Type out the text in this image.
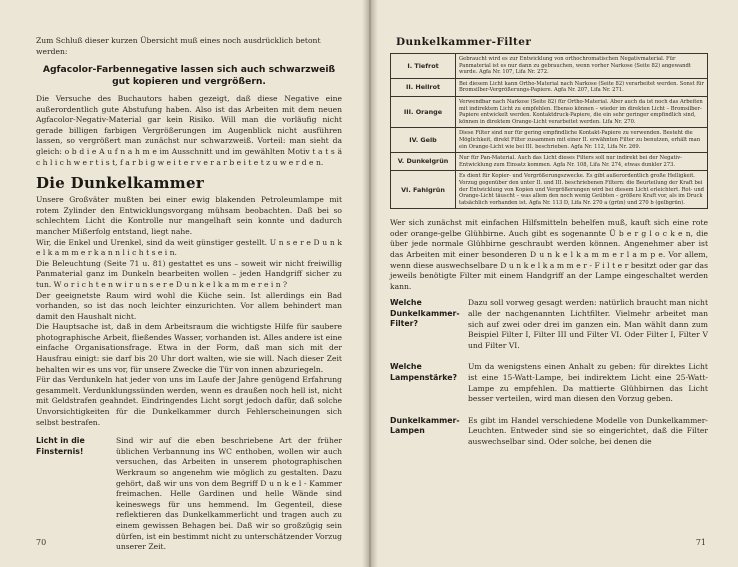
Zum Schluß dieser kurzen Übersicht muß eines noch ausdrücklich betont werden:

Agfacolor-Farbennegative lassen sich auch schwarzweiß gut kopieren und vergrößern.

Die Versuche des Buchautors haben gezeigt, daß diese Negative eine außerordentlich gute Abstufung haben. Also ist das Arbeiten mit dem neuen Agfacolor-Negativ-Material gar kein Risiko. Will man die vorläufig nicht gerade billigen farbigen Vergrößerungen im Augenblick nicht ausführen lassen, so vergrößert man zunächst nur schwarzweiß. Vorteil: man sieht da gleich: o b d i e A u f n a h m e im Ausschnitt und im gewählten Motiv t a t s ä c h l i c h w e r t i s t, f a r b i g w e i t e r v e r a r b e i t e t z u w e r d e n.

Die Dunkelkammer

Unsere Großväter mußten bei einer ewig blakenden Petroleumlampe mit rotem Zylinder den Entwicklungsvorgang mühsam beobachten. Daß bei so schlechtem Licht die Kontrolle nur mangelhaft sein konnte und dadurch mancher Mißerfolg entstand, liegt nahe.

Wir, die Enkel und Urenkel, sind da weit günstiger gestellt. U n s e r e D u n k e l k a m m e r k a n n l i c h t s e i n.

Die Beleuchtung (Seite 71 u. 81) gestattet es uns – soweit wir nicht freiwillig Panmaterial ganz im Dunkeln bearbeiten wollen – jeden Handgriff sicher zu tun. W o r i c h t e n w i r u n s e r e D u n k e l k a m m e r e i n ?

Der geeignetste Raum wird wohl die Küche sein. Ist allerdings ein Bad vorhanden, so ist das noch leichter einzurichten. Vor allem behindert man damit den Haushalt nicht.

Die Hauptsache ist, daß in dem Arbeitsraum die wichtigste Hilfe für saubere photographische Arbeit, fließendes Wasser, vorhanden ist. Alles andere ist eine einfache Organisationsfrage. Etwa in der Form, daß man sich mit der Hausfrau einigt: sie darf bis 20 Uhr dort walten, wie sie will. Nach dieser Zeit behalten wir es uns vor, für unsere Zwecke die Tür von innen abzuriegeln.

Für das Verdunkeln hat jeder von uns im Laufe der Jahre genügend Erfahrung gesammelt. Verdunklungssünden werden, wenn es draußen noch hell ist, nicht mit Geldstrafen geahndet. Eindringendes Licht sorgt jedoch dafür, daß solche Unvorsichtigkeiten für die Dunkelkammer durch Fehlerscheinungen sich selbst bestrafen.

Licht in die Finsternis!

Sind wir auf die eben beschriebene Art der früher üblichen Verbannung ins WC enthoben, wollen wir auch versuchen, das Arbeiten in unserem photographischen Werkraum so angenehm wie möglich zu gestalten. Dazu gehört, daß wir uns von dem Begriff D u n k e l - Kammer freimachen. Helle Gardinen und helle Wände sind keineswegs für uns hemmend. Im Gegenteil, diese reflektieren das Dunkelkammerlicht und tragen auch zu einem gewissen Behagen bei. Daß wir so großzügig sein dürfen, ist ein bestimmt nicht zu unterschätzender Vorzug unserer Zeit.

70
Dunkelkammer-Filter
I. Tiefrot	Gebraucht wird es zur Entwicklung von orthochromatischen Negativmaterial. Für Panmaterial ist es nur dann zu gebrauchen, wenn vorher Narkose (Seite 82) angewandt wurde. Agfa Nr. 107, Lifa Nr. 272.
II. Hellrot	Bei diesem Licht kann Ortho-Material nach Narkose (Seite 82) verarbeitet werden. Sonst für Bromsilber-Vergrößerungs-Papiere. Agfa Nr. 207, Lifa Nr. 271.
III. Orange	Verwendbar nach Narkose (Seite 82) für Ortho-Material. Aber auch da ist noch das Arbeiten mit indirektem Licht zu empfehlen. Ebenso können – wieder im direkten Licht – Bromsilber-Papiere entwickelt werden. Kontaktdruck-Papiere, die ein sehr geringer empfindlich sind, können in direktem Orange-Licht verarbeitet werden. Lifa Nr. 270.
IV. Gelb	Diese Filter sind nur für gering empfindliche Kontakt-Papiere zu verwenden. Besteht die Möglichkeit, direkt Filter zusammen mit einer II. erwähnten Filter zu benutzen, erhält man ein Orange-Licht wie bei III. beschrieben. Agfa Nr. 112, Lifa Nr. 269.
V. Dunkelgrün	Nur für Pan-Material. Auch das Licht dieses Filters soll nur indirekt bei der Negativ-Entwicklung zum Einsatz kommen. Agfa Nr. 108, Lifa Nr. 274, etwas dunkler 273.
VI. Fahlgrün	Es dient für Kopier- und Vergrößerungszwecke. Es gibt außerordentlich große Helligkeit. Vorzug gegenüber den unter II. und III. beschriebenen Filtern: die Beurteilung der Kraft bei der Entwicklung von Kopien und Vergrößerungen wird bei diesem Licht erleichtert. Rot- und Orange-Licht täuscht – was allem den noch wenig Geübten – größere Kraft vor, als im Druck tatsächlich vorhanden ist. Agfa Nr. 113 D, Lifa Nr. 270 a (grün) und 270 b (gelbgrün).

Wer sich zunächst mit einfachen Hilfsmitteln behelfen muß, kauft sich eine rote oder orange-gelbe Glühbirne. Auch gibt es sogenannte Ü b e r g l o c k e n, die über jede normale Glühbirne geschraubt werden können. Angenehmer aber ist das Arbeiten mit einer besonderen D u n k e l k a m m e r l a m p e. Vor allem, wenn diese auswechselbare D u n k e l k a m m e r - F i l t e r besitzt oder gar das jeweils benötigte Filter mit einem Handgriff an der Lampe eingeschaltet werden kann.

Welche Dunkelkammer-Filter?

Dazu soll vorweg gesagt werden: natürlich braucht man nicht alle der nachgenannten Lichtfilter. Vielmehr arbeitet man sich auf zwei oder drei im ganzen ein. Man wählt dann zum Beispiel Filter I, Filter III und Filter VI. Oder Filter I, Filter V und Filter VI.

Welche Lampenstärke?

Um da wenigstens einen Anhalt zu geben: für direktes Licht ist eine 15-Watt-Lampe, bei indirektem Licht eine 25-Watt-Lampe zu empfehlen. Da mattierte Glühbirnen das Licht besser verteilen, wird man diesen den Vorzug geben.

Dunkelkammer-Lampen

Es gibt im Handel verschiedene Modelle von Dunkelkammer-Leuchten. Entweder sind sie so eingerichtet, daß die Filter auswechselbar sind. Oder solche, bei denen die

71
